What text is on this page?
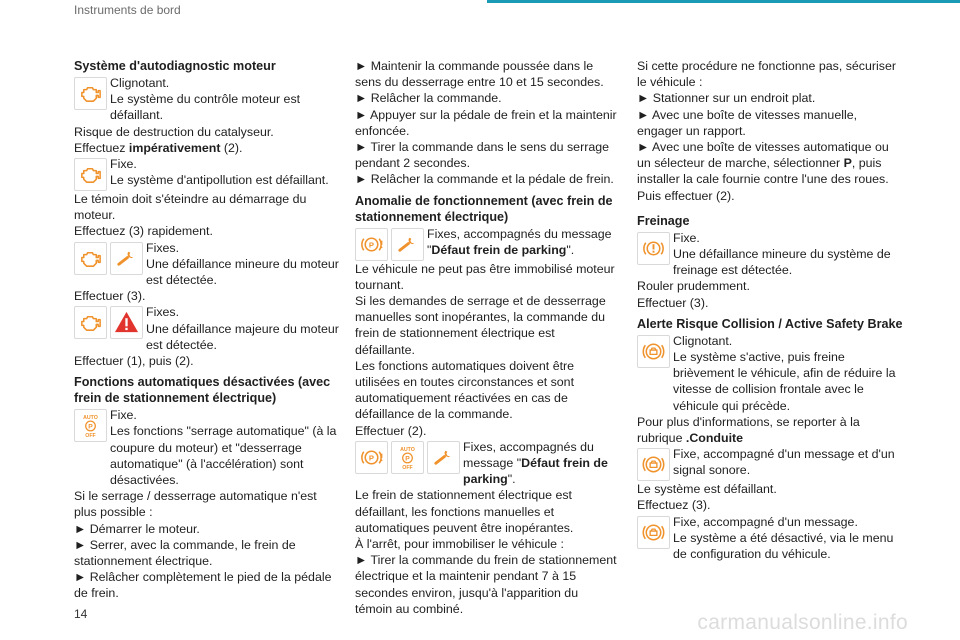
Instruments de bord
Système d'autodiagnostic moteur

Clignotant.

Le système du contrôle moteur est défaillant.

Risque de destruction du catalyseur.

Effectuez impérativement (2).

Fixe.

Le système d'antipollution est défaillant.

Le témoin doit s'éteindre au démarrage du moteur.

Effectuez (3) rapidement.

Fixes.

Une défaillance mineure du moteur est détectée.

Effectuer (3).

Fixes.

Une défaillance majeure du moteur est détectée.

Effectuer (1), puis (2).

Fonctions automatiques désactivées (avec frein de stationnement électrique)
AUTO
P
OFF

Fixe.

Les fonctions "serrage automatique" (à la coupure du moteur) et "desserrage automatique" (à l'accélération) sont désactivées.

Si le serrage / desserrage automatique n'est plus possible :

► Démarrer le moteur.

► Serrer, avec la commande, le frein de stationnement électrique.

► Relâcher complètement le pied de la pédale de frein.

► Maintenir la commande poussée dans le sens du desserrage entre 10 et 15 secondes.

► Relâcher la commande.

► Appuyer sur la pédale de frein et la maintenir enfoncée.

► Tirer la commande dans le sens du serrage pendant 2 secondes.

► Relâcher la commande et la pédale de frein.

Anomalie de fonctionnement (avec frein de stationnement électrique)
P

Fixes, accompagnés du message "Défaut frein de parking".

Le véhicule ne peut pas être immobilisé moteur tournant.

Si les demandes de serrage et de desserrage manuelles sont inopérantes, la commande du frein de stationnement électrique est défaillante.

Les fonctions automatiques doivent être utilisées en toutes circonstances et sont automatiquement réactivées en cas de défaillance de la commande.

Effectuer (2).

P
AUTO
P
OFF

Fixes, accompagnés du message "Défaut frein de parking".

Le frein de stationnement électrique est défaillant, les fonctions manuelles et automatiques peuvent être inopérantes.

À l'arrêt, pour immobiliser le véhicule :

► Tirer la commande du frein de stationnement électrique et la maintenir pendant 7 à 15 secondes environ, jusqu'à l'apparition du témoin au combiné.

Si cette procédure ne fonctionne pas, sécuriser le véhicule :

► Stationner sur un endroit plat.

► Avec une boîte de vitesses manuelle, engager un rapport.

► Avec une boîte de vitesses automatique ou un sélecteur de marche, sélectionner P, puis installer la cale fournie contre l'une des roues.

Puis effectuer (2).

Freinage

Fixe.

Une défaillance mineure du système de freinage est détectée.

Rouler prudemment.

Effectuer (3).

Alerte Risque Collision / Active Safety Brake

Clignotant.

Le système s'active, puis freine brièvement le véhicule, afin de réduire la vitesse de collision frontale avec le véhicule qui précède.

Pour plus d'informations, se reporter à la rubrique .Conduite

Fixe, accompagné d'un message et d'un signal sonore.

Le système est défaillant.

Effectuez (3).

Fixe, accompagné d'un message.

Le système a été désactivé, via le menu de configuration du véhicule.

14	carmanualsonline.info
